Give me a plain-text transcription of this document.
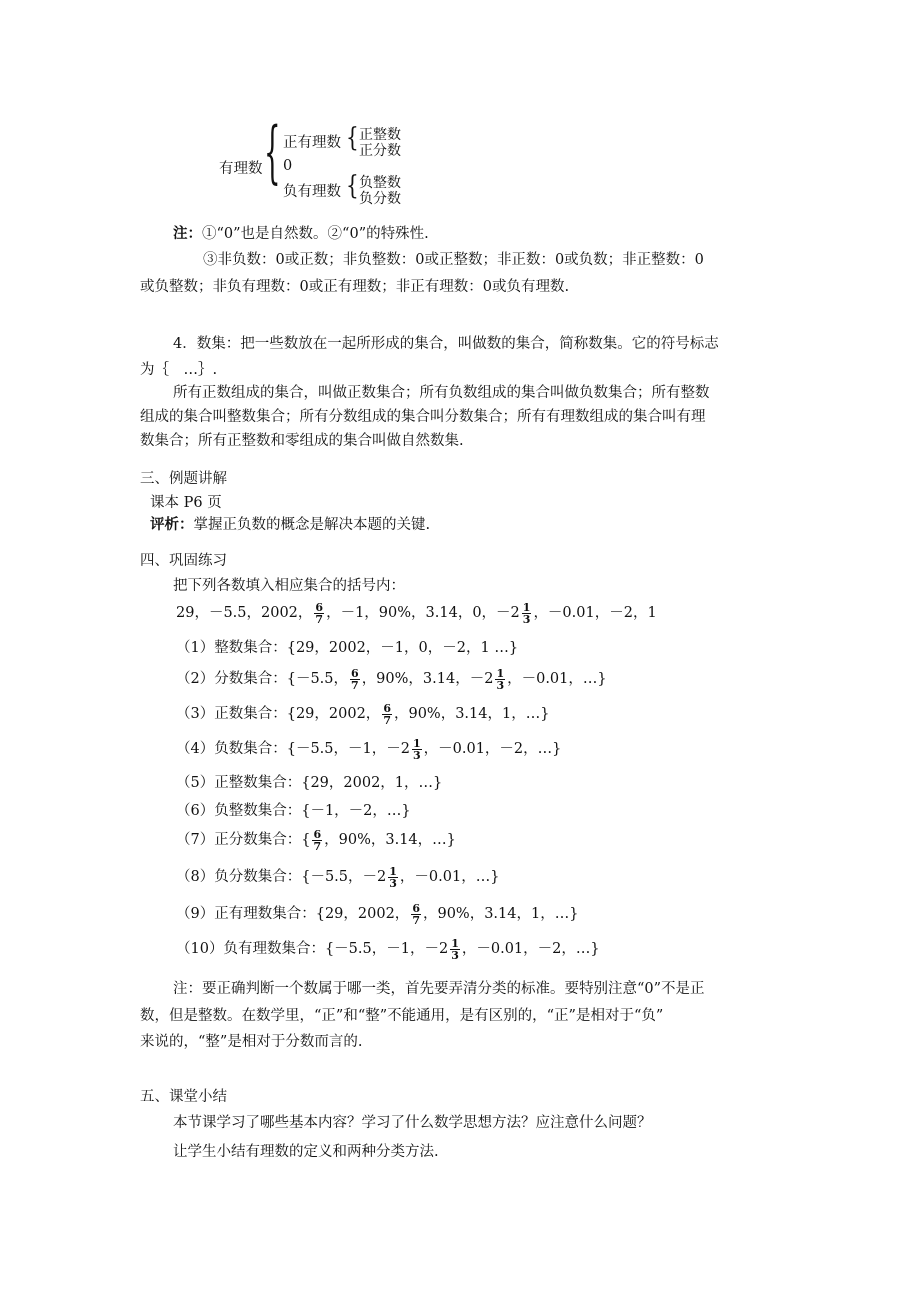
有理数 { 正有理数 { 正整数
正分数
0
负有理数 { 负整数
负分数
注：①“0”也是自然数。②“0”的特殊性.
③非负数：0或正数；非负整数：0或正整数；非正数：0或负数；非正整数：0
或负整数；非负有理数：0或正有理数；非正有理数：0或负有理数.
4．数集：把一些数放在一起所形成的集合，叫做数的集合，简称数集。它的符号标志
为｛　…｝.
所有正数组成的集合，叫做正数集合；所有负数组成的集合叫做负数集合；所有整数
组成的集合叫整数集合；所有分数组成的集合叫分数集合；所有有理数组成的集合叫有理
数集合；所有正整数和零组成的集合叫做自然数集.
三、例题讲解
课本 P6 页
评析：掌握正负数的概念是解决本题的关键.
四、巩固练习
把下列各数填入相应集合的括号内：
29，－5.5，2002， $\frac{6}{7}$ ，－1，90%，3.14，0，$-2 \frac{1}{3}$ ，－0.01，－2，1
（1）整数集合：{29，2002，－1，0，－2，1 …}
（2）分数集合：{－5.5， $\frac{6}{7}$ ，90%，3.14，$-2 \frac{1}{3}$ ，－0.01，…}
（3）正数集合：{29，2002， $\frac{6}{7}$ ，90%，3.14，1，…}
（4）负数集合：{－5.5，－1，$-2 \frac{1}{3}$ ，－0.01，－2，…}
（5）正整数集合：{29，2002，1，…}
（6）负整数集合：{－1，－2，…}
（7）正分数集合：{ $\frac{6}{7}$ ，90%，3.14，…}
（8）负分数集合：{－5.5，$-2 \frac{1}{3}$ ，－0.01，…}
（9）正有理数集合：{29，2002， $\frac{6}{7}$ ，90%，3.14，1，…}
（10）负有理数集合：{－5.5，－1，$-2 \frac{1}{3}$ ，－0.01，－2，…}
注：要正确判断一个数属于哪一类，首先要弄清分类的标准。要特别注意“0”不是正
数，但是整数。在数学里，“正”和“整”不能通用，是有区别的，“正”是相对于“负”
来说的，“整”是相对于分数而言的.
五、课堂小结
本节课学习了哪些基本内容？学习了什么数学思想方法？应注意什么问题？
让学生小结有理数的定义和两种分类方法.
